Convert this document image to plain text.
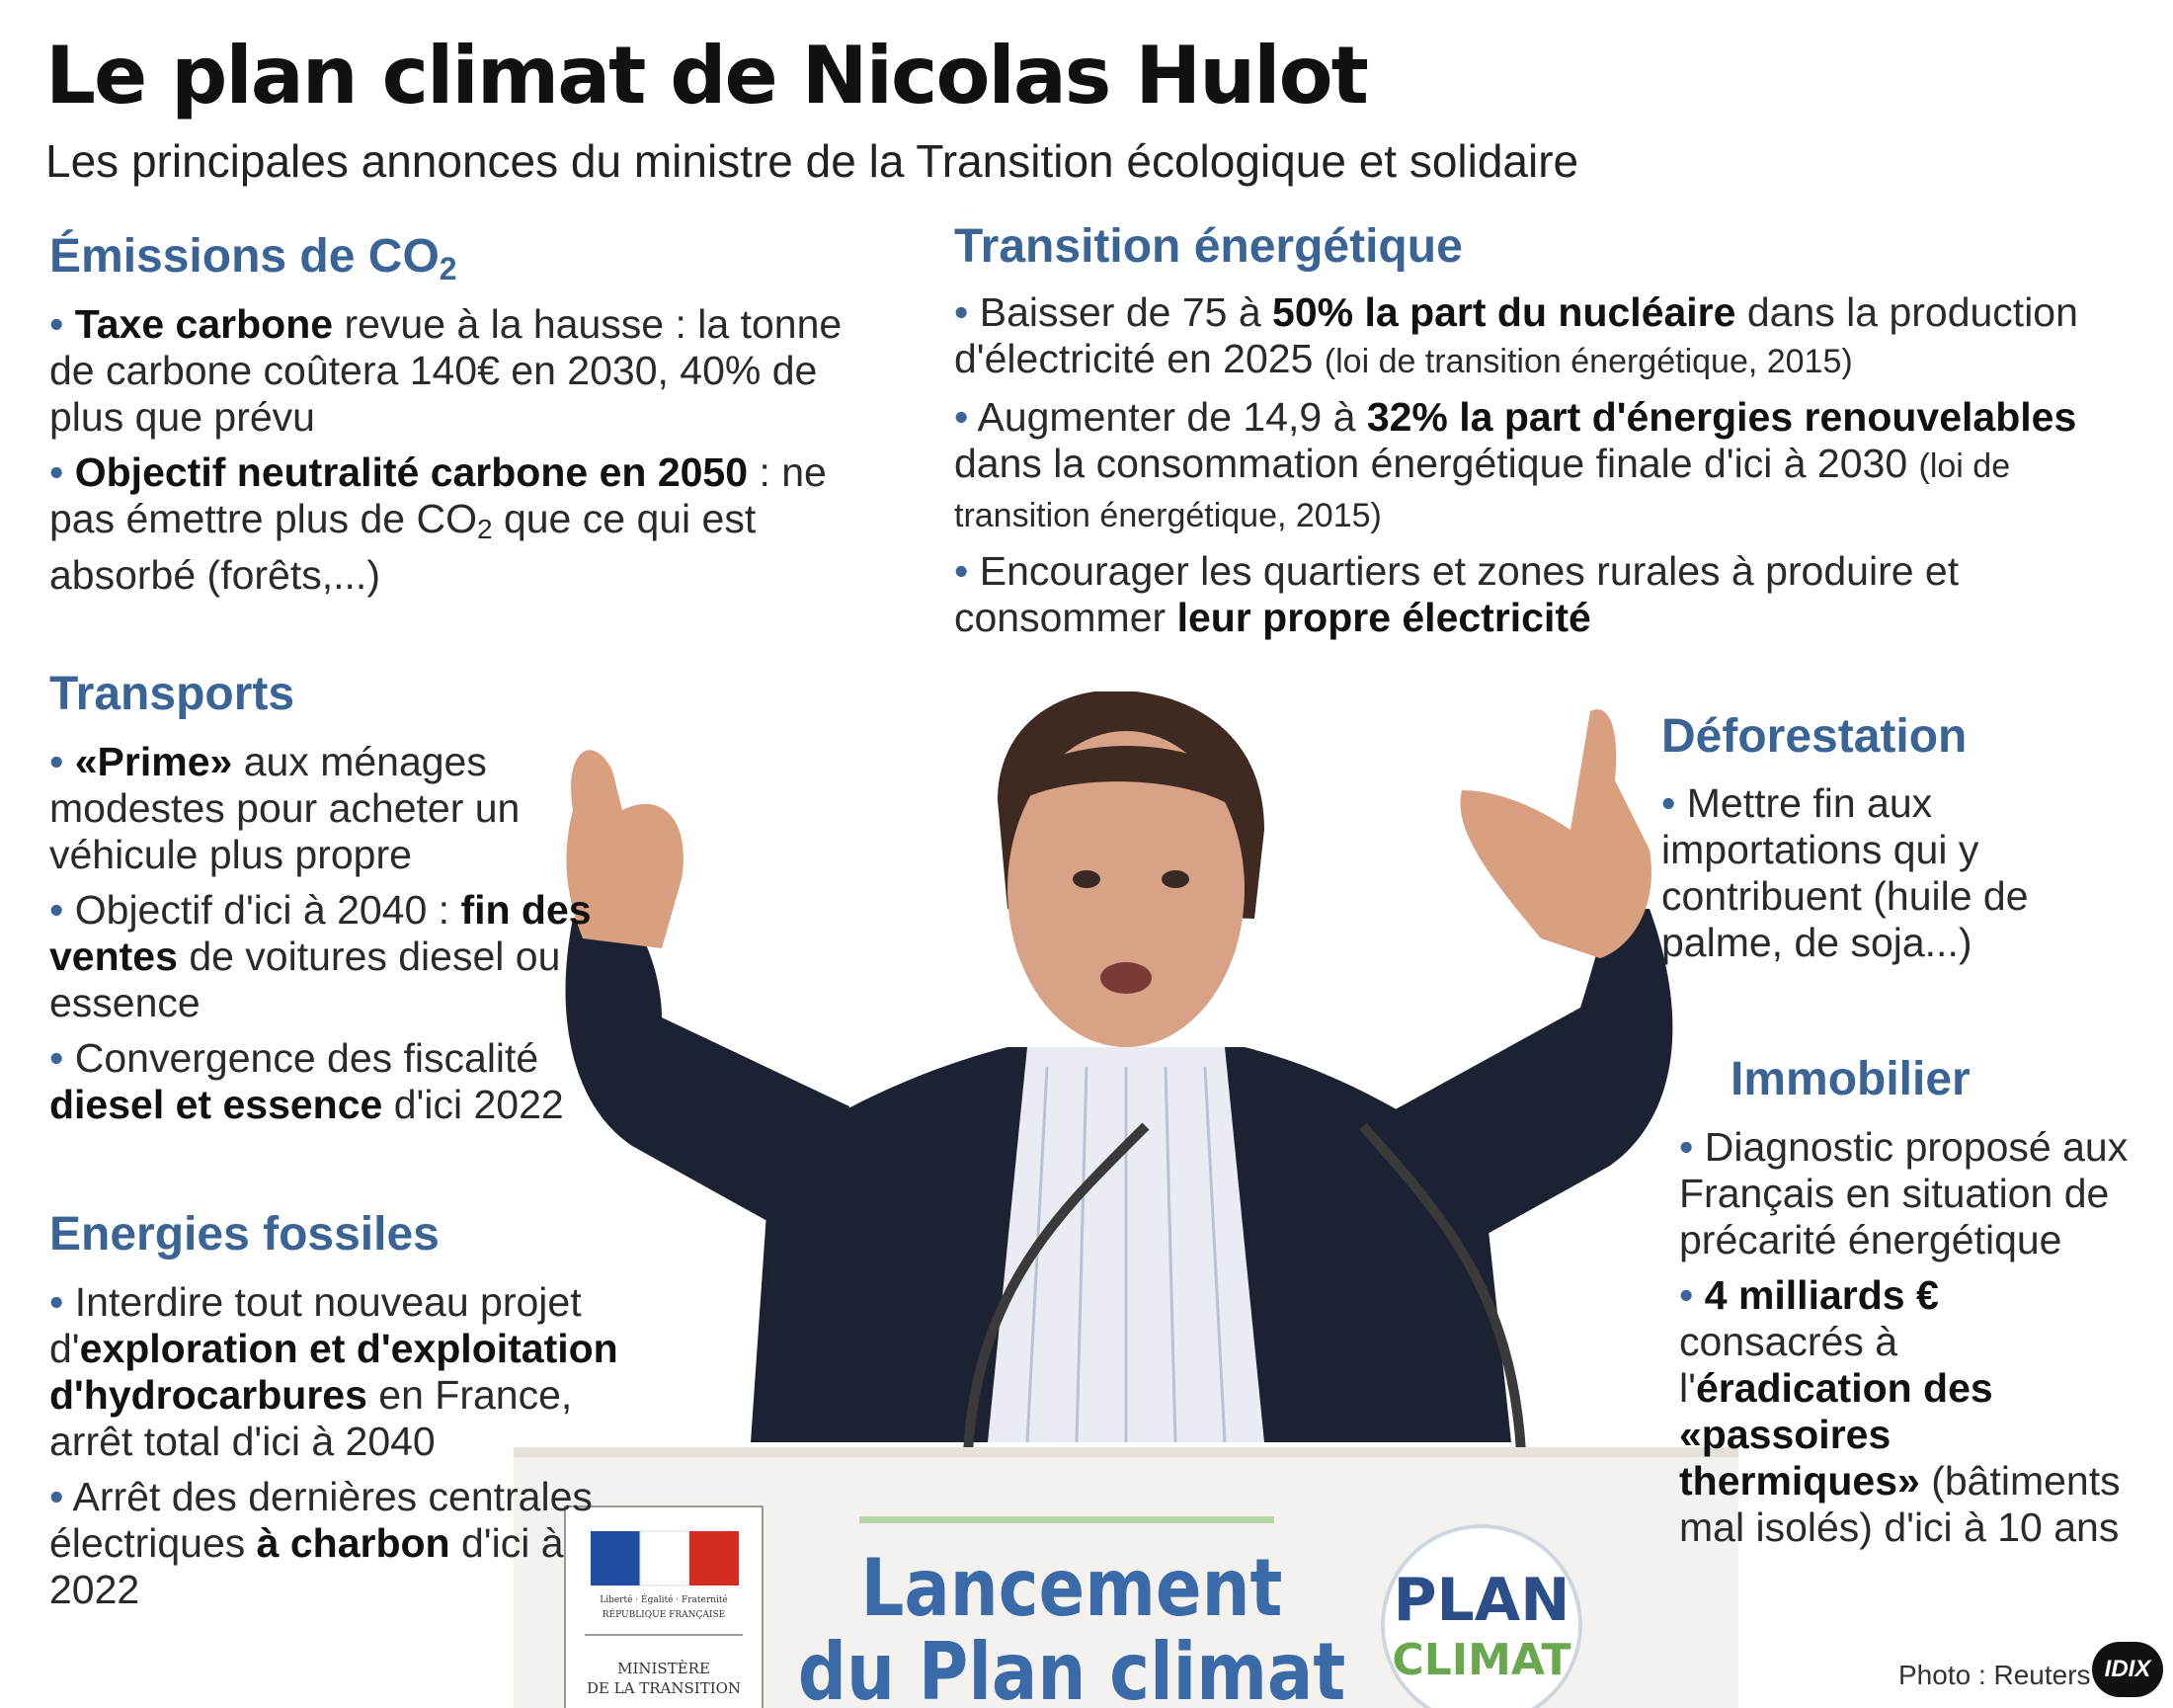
Le plan climat de Nicolas Hulot
Les principales annonces du ministre de la Transition écologique et solidaire
Émissions de $CO_2$

• Taxe carbone revue à la hausse : la tonne de carbone coûtera 140€ en 2030, 40% de plus que prévu

• Objectif neutralité carbone en 2050 : ne pas émettre plus de $CO_2$ que ce qui est absorbé (forêts,...)

Transition énergétique

• Baisser de 75 à 50% la part du nucléaire dans la production d'électricité en 2025 (loi de transition énergétique, 2015)

• Augmenter de 14,9 à 32% la part d'énergies renouvelables dans la consommation énergétique finale d'ici à 2030 (loi de transition énergétique, 2015)

• Encourager les quartiers et zones rurales à produire et consommer leur propre électricité

Liberté · Égalité · Fraternité
RÉPUBLIQUE FRANÇAISE
MINISTÈRE
DE LA TRANSITION
Lancement
du Plan climat
PLAN
CLIMAT
Transports

• «Prime» aux ménages modestes pour acheter un véhicule plus propre

• Objectif d'ici à 2040 : fin des ventes de voitures diesel ou essence

• Convergence des fiscalité diesel et essence d'ici 2022

Energies fossiles

• Interdire tout nouveau projet d'exploration et d'exploitation d'hydrocarbures en France, arrêt total d'ici à 2040

• Arrêt des dernières centrales électriques à charbon d'ici à 2022

Déforestation

• Mettre fin aux importations qui y contribuent (huile de palme, de soja...)

Immobilier

• Diagnostic proposé aux Français en situation de précarité énergétique

• 4 milliards € consacrés à l'éradication des «passoires thermiques» (bâtiments mal isolés) d'ici à 10 ans

Photo : Reuters IDIX
